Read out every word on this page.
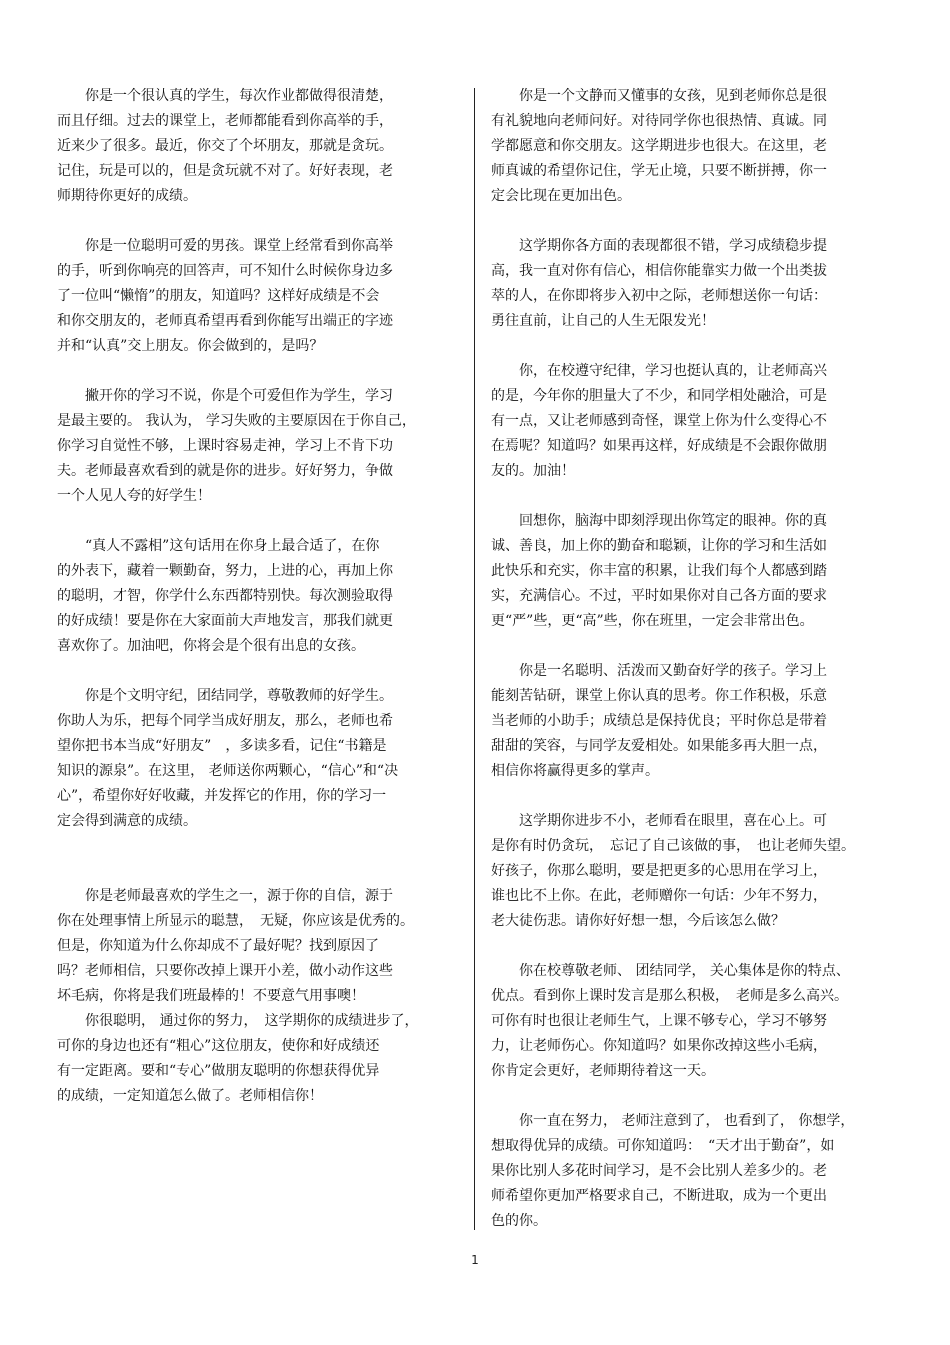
　　你是一个很认真的学生，每次作业都做得很清楚，
而且仔细。过去的课堂上，老师都能看到你高举的手，
近来少了很多。最近，你交了个坏朋友，那就是贪玩。
记住，玩是可以的，但是贪玩就不对了。好好表现，老
师期待你更好的成绩。
　　你是一位聪明可爱的男孩。课堂上经常看到你高举
的手，听到你响亮的回答声，可不知什么时候你身边多
了一位叫“懒惰”的朋友，知道吗？这样好成绩是不会
和你交朋友的，老师真希望再看到你能写出端正的字迹
并和“认真”交上朋友。你会做到的，是吗？
　　撇开你的学习不说，你是个可爱但作为学生，学习
是最主要的。 我认为， 学习失败的主要原因在于你自己，
你学习自觉性不够，上课时容易走神，学习上不肯下功
夫。老师最喜欢看到的就是你的进步。好好努力，争做
一个人见人夸的好学生！
　　“真人不露相”这句话用在你身上最合适了，在你
的外表下，藏着一颗勤奋，努力，上进的心，再加上你
的聪明，才智，你学什么东西都特别快。每次测验取得
的好成绩！要是你在大家面前大声地发言，那我们就更
喜欢你了。加油吧，你将会是个很有出息的女孩。
　　你是个文明守纪，团结同学，尊敬教师的好学生。
你助人为乐，把每个同学当成好朋友，那么，老师也希
望你把书本当成“好朋友”　，多读多看，记住“书籍是
知识的源泉”。在这里， 老师送你两颗心，“信心”和“决
心”，希望你好好收藏，并发挥它的作用，你的学习一
定会得到满意的成绩。
　　你是老师最喜欢的学生之一，源于你的自信，源于
你在处理事情上所显示的聪慧，　无疑，你应该是优秀的。
但是，你知道为什么你却成不了最好呢？找到原因了
吗？老师相信，只要你改掉上课开小差，做小动作这些
坏毛病，你将是我们班最棒的！不要意气用事噢！
　　你很聪明， 通过你的努力，　这学期你的成绩进步了，
可你的身边也还有“粗心”这位朋友，使你和好成绩还
有一定距离。要和“专心”做朋友聪明的你想获得优异
的成绩，一定知道怎么做了。老师相信你！
　　你是一个文静而又懂事的女孩，见到老师你总是很
有礼貌地向老师问好。对待同学你也很热情、真诚。同
学都愿意和你交朋友。这学期进步也很大。在这里，老
师真诚的希望你记住，学无止境，只要不断拼搏，你一
定会比现在更加出色。
　　这学期你各方面的表现都很不错，学习成绩稳步提
高，我一直对你有信心，相信你能靠实力做一个出类拔
萃的人，在你即将步入初中之际，老师想送你一句话：
勇往直前，让自己的人生无限发光！
　　你，在校遵守纪律，学习也挺认真的，让老师高兴
的是，今年你的胆量大了不少，和同学相处融洽，可是
有一点，又让老师感到奇怪，课堂上你为什么变得心不
在焉呢？知道吗？如果再这样，好成绩是不会跟你做朋
友的。加油！
　　回想你，脑海中即刻浮现出你笃定的眼神。你的真
诚、善良，加上你的勤奋和聪颖，让你的学习和生活如
此快乐和充实，你丰富的积累，让我们每个人都感到踏
实，充满信心。不过，平时如果你对自己各方面的要求
更“严”些，更“高”些，你在班里，一定会非常出色。
　　你是一名聪明、活泼而又勤奋好学的孩子。学习上
能刻苦钻研，课堂上你认真的思考。你工作积极，乐意
当老师的小助手；成绩总是保持优良；平时你总是带着
甜甜的笑容，与同学友爱相处。如果能多再大胆一点，
相信你将赢得更多的掌声。
　　这学期你进步不小，老师看在眼里，喜在心上。可
是你有时仍贪玩，　忘记了自己该做的事，　也让老师失望。
好孩子，你那么聪明，要是把更多的心思用在学习上，
谁也比不上你。在此，老师赠你一句话：少年不努力，
老大徒伤悲。请你好好想一想，今后该怎么做？
　　你在校尊敬老师、 团结同学， 关心集体是你的特点、
优点。看到你上课时发言是那么积极，　老师是多么高兴。
可你有时也很让老师生气，上课不够专心，学习不够努
力，让老师伤心。你知道吗？如果你改掉这些小毛病，
你肯定会更好，老师期待着这一天。
　　你一直在努力， 老师注意到了， 也看到了， 你想学，
想取得优异的成绩。可你知道吗：　“天才出于勤奋”，如
果你比别人多花时间学习，是不会比别人差多少的。老
师希望你更加严格要求自己，不断进取，成为一个更出
色的你。
1
